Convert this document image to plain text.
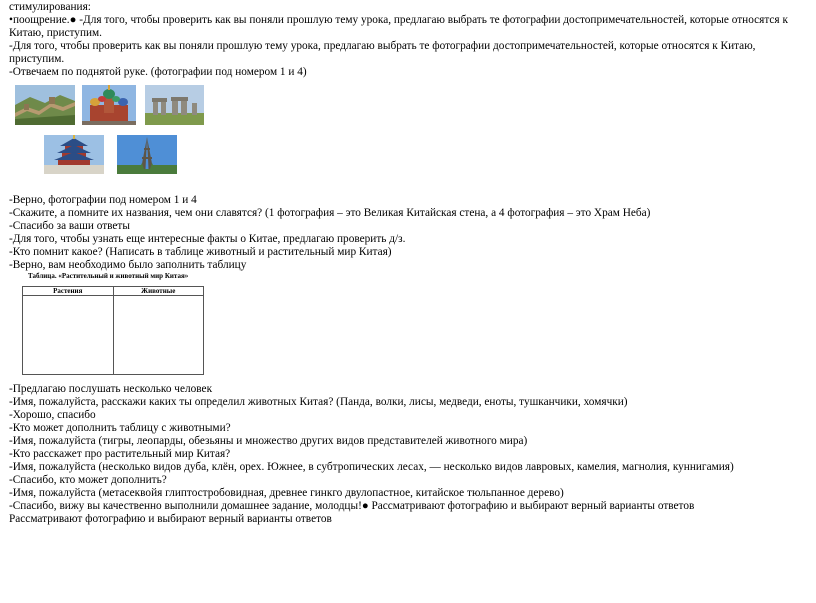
стимулирования:
•поощрение.● -Для того, чтобы проверить как вы поняли прошлую тему урока, предлагаю выбрать те фотографии достопримечательностей, которые относятся к
Китаю, приступим.
-Для того, чтобы проверить как вы поняли прошлую тему урока, предлагаю выбрать те фотографии достопримечательностей, которые относятся к Китаю,
приступим.
-Отвечаем по поднятой руке. (фотографии под номером 1 и 4)
-Верно, фотографии под номером 1 и 4
-Скажите, а помните их названия, чем они славятся? (1 фотография – это Великая Китайская стена, а 4 фотография – это Храм Неба)
-Спасибо за ваши ответы
-Для того, чтобы узнать еще интересные факты о Китае, предлагаю проверить д/з.
-Кто помнит какое? (Написать в таблице животный и растительный мир Китая)
-Верно, вам необходимо было заполнить таблицу
Таблица. «Растительный и животный мир Китая»
Растения	Животные

-Предлагаю послушать несколько человек
-Имя, пожалуйста, расскажи каких ты определил животных Китая? (Панда, волки, лисы, медведи, еноты, тушканчики, хомячки)
-Хорошо, спасибо
-Кто может дополнить таблицу с животными?
-Имя, пожалуйста (тигры, леопарды, обезьяны и множество других видов представителей животного мира)
-Кто расскажет про растительный мир Китая?
-Имя, пожалуйста (несколько видов дуба, клён, орех. Южнее, в субтропических лесах, — несколько видов лавровых, камелия, магнолия, куннигамия)
-Спасибо, кто может дополнить?
-Имя, пожалуйста (метасеквойя глиптостробовидная, древнее гинкго двулопастное, китайское тюльпанное дерево)
-Спасибо, вижу вы качественно выполнили домашнее задание, молодцы!● Рассматривают фотографию и выбирают верный варианты ответов
Рассматривают фотографию и выбирают верный варианты ответов
